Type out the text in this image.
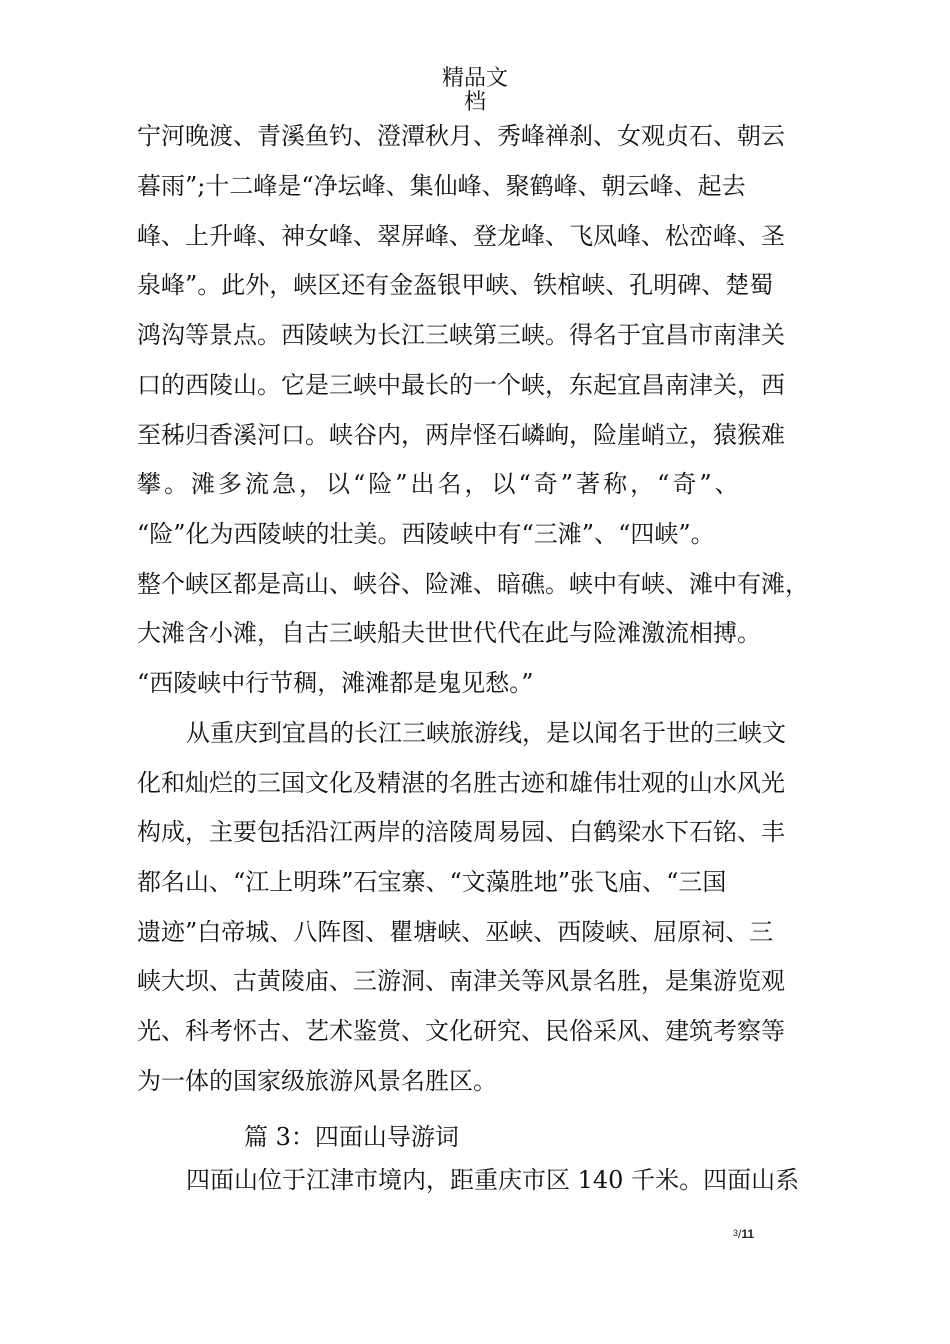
精品文
档
宁河晚渡、青溪鱼钓、澄潭秋月、秀峰禅刹、女观贞石、朝云
暮雨”;十二峰是“净坛峰、集仙峰、聚鹤峰、朝云峰、起去
峰、上升峰、神女峰、翠屏峰、登龙峰、飞凤峰、松峦峰、圣
泉峰”。此外，峡区还有金盔银甲峡、铁棺峡、孔明碑、楚蜀
鸿沟等景点。西陵峡为长江三峡第三峡。得名于宜昌市南津关
口的西陵山。它是三峡中最长的一个峡，东起宜昌南津关，西
至秭归香溪河口。峡谷内，两岸怪石嶙峋，险崖峭立，猿猴难
攀。滩多流急，以“险”出名，以“奇”著称，“奇”、
“险”化为西陵峡的壮美。西陵峡中有“三滩”、“四峡”。
整个峡区都是高山、峡谷、险滩、暗礁。峡中有峡、滩中有滩，
大滩含小滩，自古三峡船夫世世代代在此与险滩激流相搏。
“西陵峡中行节稠，滩滩都是鬼见愁。”
从重庆到宜昌的长江三峡旅游线，是以闻名于世的三峡文
化和灿烂的三国文化及精湛的名胜古迹和雄伟壮观的山水风光
构成，主要包括沿江两岸的涪陵周易园、白鹤梁水下石铭、丰
都名山、“江上明珠”石宝寨、“文藻胜地”张飞庙、“三国
遗迹”白帝城、八阵图、瞿塘峡、巫峡、西陵峡、屈原祠、三
峡大坝、古黄陵庙、三游洞、南津关等风景名胜，是集游览观
光、科考怀古、艺术鉴赏、文化研究、民俗采风、建筑考察等
为一体的国家级旅游风景名胜区。
篇 3：四面山导游词
四面山位于江津市境内，距重庆市区 140 千米。四面山系
$^3$/11
